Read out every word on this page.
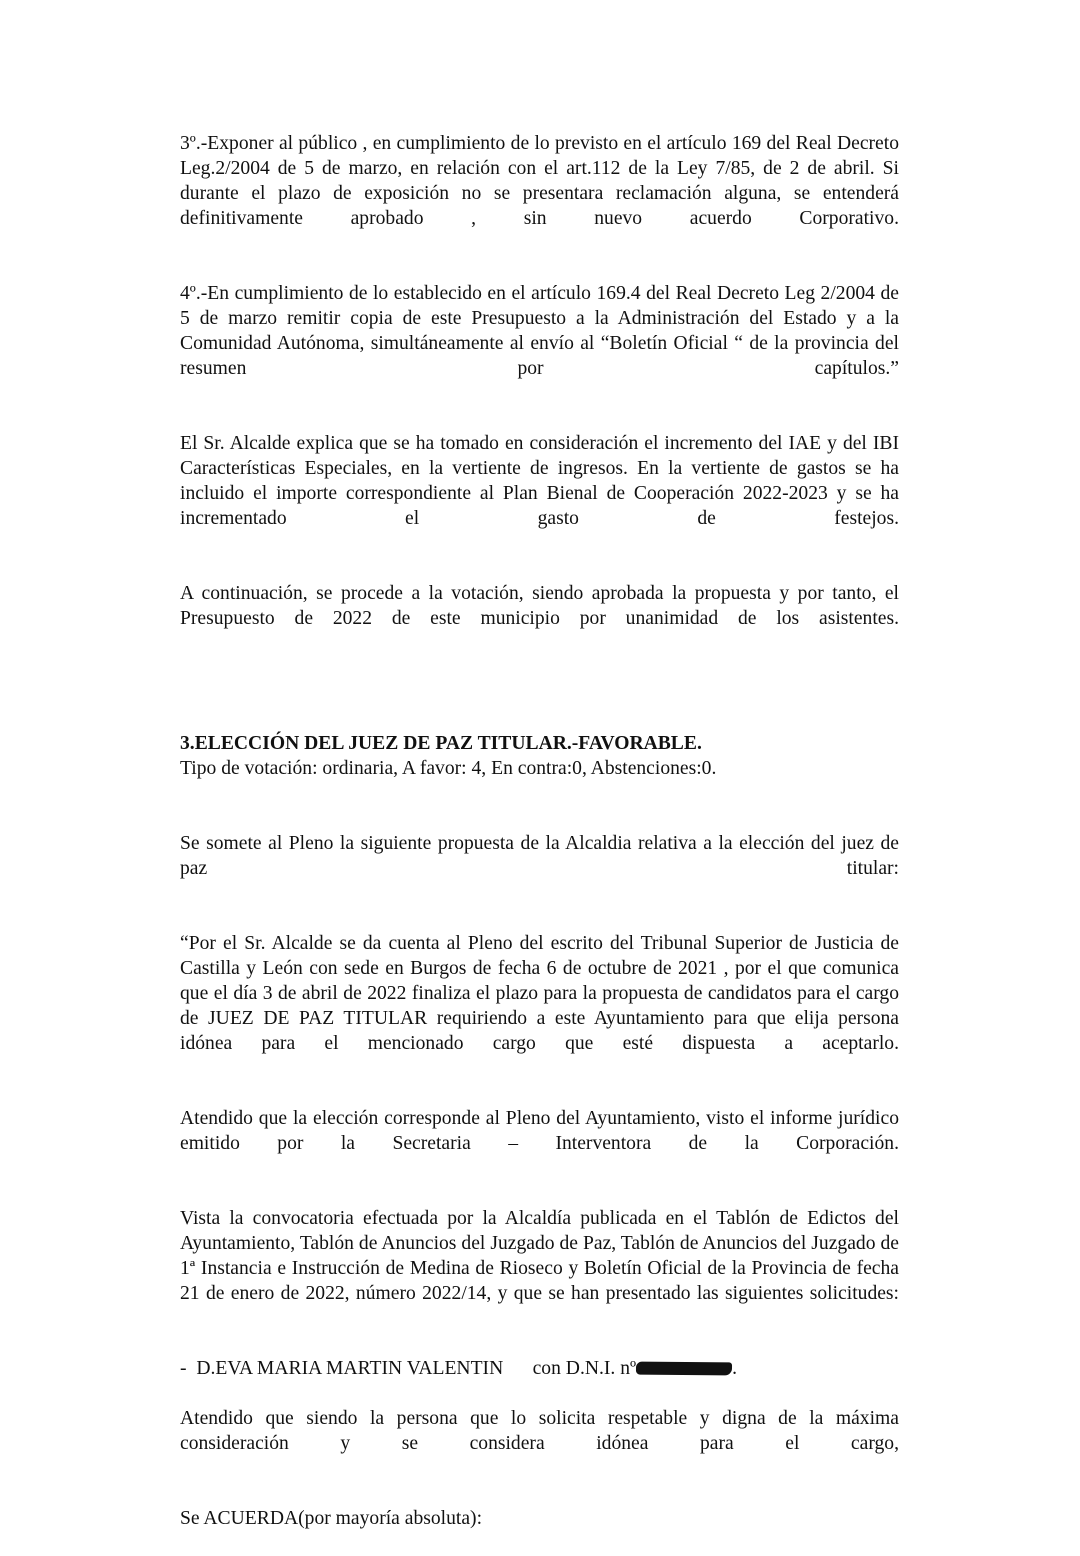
3º.-Exponer al público , en cumplimiento de lo previsto en el artículo 169 del Real Decreto Leg.2/2004 de 5 de marzo, en relación con el art.112 de la Ley 7/85, de 2 de abril. Si durante el plazo de exposición no se presentara reclamación alguna, se entenderá definitivamente aprobado , sin nuevo acuerdo Corporativo.

4º.-En cumplimiento de lo establecido en el artículo 169.4 del Real Decreto Leg 2/2004 de 5 de marzo remitir copia de este Presupuesto a la Administración del Estado y a la Comunidad Autónoma, simultáneamente al envío al “Boletín Oficial “ de la provincia del resumen por capítulos.”

El Sr. Alcalde explica que se ha tomado en consideración el incremento del IAE y del IBI Características Especiales, en la vertiente de ingresos. En la vertiente de gastos se ha incluido el importe correspondiente al Plan Bienal de Cooperación 2022-2023 y se ha incrementado el gasto de festejos.

A continuación, se procede a la votación, siendo aprobada la propuesta y por tanto, el Presupuesto de 2022 de este municipio por unanimidad de los asistentes.

3.ELECCIÓN DEL JUEZ DE PAZ TITULAR.-FAVORABLE.

Tipo de votación: ordinaria, A favor: 4, En contra:0, Abstenciones:0.

Se somete al Pleno la siguiente propuesta de la Alcaldia relativa a la elección del juez de paz titular:

“Por el Sr. Alcalde se da cuenta al Pleno del escrito del Tribunal Superior de Justicia de Castilla y León con sede en Burgos de fecha 6 de octubre de 2021 , por el que comunica que el día 3 de abril de 2022 finaliza el plazo para la propuesta de candidatos para el cargo de JUEZ DE PAZ TITULAR requiriendo a este Ayuntamiento para que elija persona idónea para el mencionado cargo que esté dispuesta a aceptarlo.

Atendido que la elección corresponde al Pleno del Ayuntamiento, visto el informe jurídico emitido por la Secretaria – Interventora de la Corporación.

Vista la convocatoria efectuada por la Alcaldía publicada en el Tablón de Edictos del Ayuntamiento, Tablón de Anuncios del Juzgado de Paz, Tablón de Anuncios del Juzgado de 1ª Instancia e Instrucción de Medina de Rioseco y Boletín Oficial de la Provincia de fecha 21 de enero de 2022, número 2022/14, y que se han presentado las siguientes solicitudes:

-  D.EVA MARIA MARTIN VALENTIN con D.N.I. nº	.

Atendido que siendo la persona que lo solicita respetable y digna de la máxima consideración y se considera idónea para el cargo,

Se ACUERDA(por mayoría absoluta):
